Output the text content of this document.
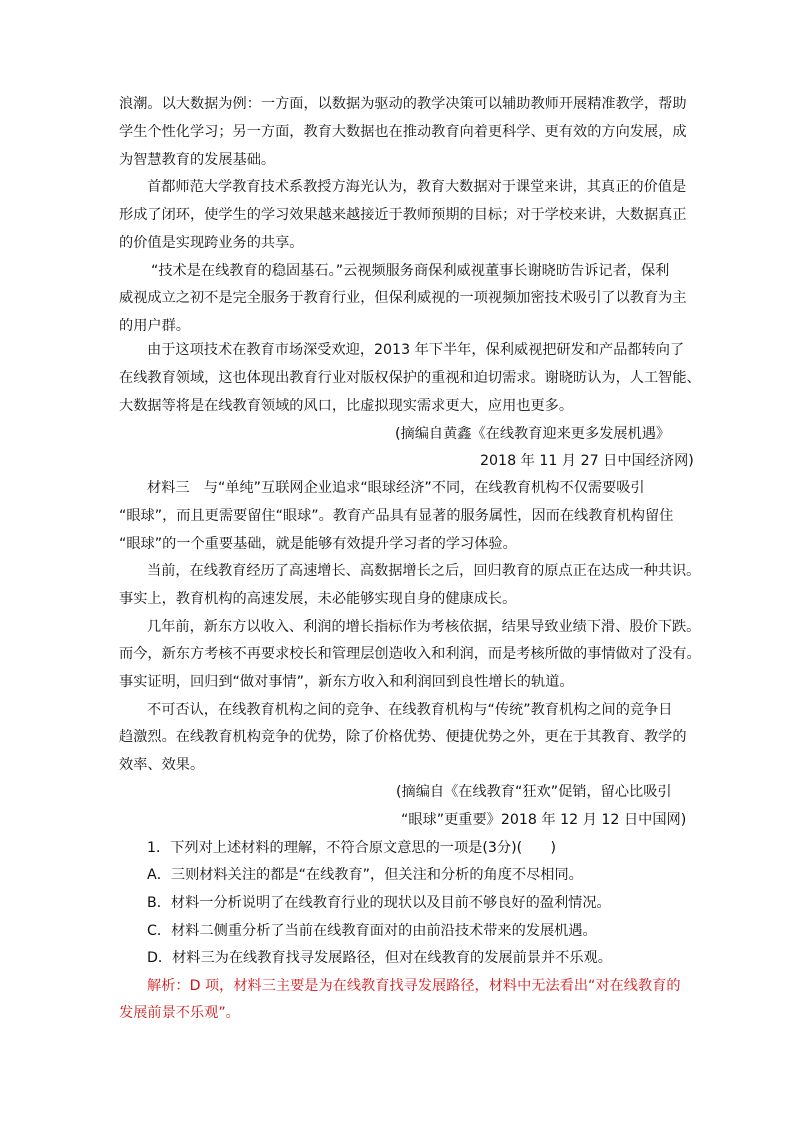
浪潮。以大数据为例：一方面，以数据为驱动的教学决策可以辅助教师开展精准教学，帮助
学生个性化学习；另一方面，教育大数据也在推动教育向着更科学、更有效的方向发展，成
为智慧教育的发展基础。
首都师范大学教育技术系教授方海光认为，教育大数据对于课堂来讲，其真正的价值是
形成了闭环，使学生的学习效果越来越接近于教师预期的目标；对于学校来讲，大数据真正
的价值是实现跨业务的共享。
“技术是在线教育的稳固基石。”云视频服务商保利威视董事长谢晓昉告诉记者，保利
威视成立之初不是完全服务于教育行业，但保利威视的一项视频加密技术吸引了以教育为主
的用户群。
由于这项技术在教育市场深受欢迎，2013 年下半年，保利威视把研发和产品都转向了
在线教育领域，这也体现出教育行业对版权保护的重视和迫切需求。谢晓昉认为，人工智能、
大数据等将是在线教育领域的风口，比虚拟现实需求更大，应用也更多。
(摘编自黄鑫《在线教育迎来更多发展机遇》
2018 年 11 月 27 日中国经济网)
材料三　与“单纯”互联网企业追求“眼球经济”不同，在线教育机构不仅需要吸引
“眼球”，而且更需要留住“眼球”。教育产品具有显著的服务属性，因而在线教育机构留住
“眼球”的一个重要基础，就是能够有效提升学习者的学习体验。
当前，在线教育经历了高速增长、高数据增长之后，回归教育的原点正在达成一种共识。
事实上，教育机构的高速发展，未必能够实现自身的健康成长。
几年前，新东方以收入、利润的增长指标作为考核依据，结果导致业绩下滑、股价下跌。
而今，新东方考核不再要求校长和管理层创造收入和利润，而是考核所做的事情做对了没有。
事实证明，回归到“做对事情”，新东方收入和利润回到良性增长的轨道。
不可否认，在线教育机构之间的竞争、在线教育机构与“传统”教育机构之间的竞争日
趋激烈。在线教育机构竞争的优势，除了价格优势、便捷优势之外，更在于其教育、教学的
效率、效果。
(摘编自《在线教育“狂欢”促销，留心比吸引
“眼球”更重要》2018 年 12 月 12 日中国网)
1．下列对上述材料的理解，不符合原文意思的一项是(3分)(　　)
A．三则材料关注的都是“在线教育”，但关注和分析的角度不尽相同。
B．材料一分析说明了在线教育行业的现状以及目前不够良好的盈利情况。
C．材料二侧重分析了当前在线教育面对的由前沿技术带来的发展机遇。
D．材料三为在线教育找寻发展路径，但对在线教育的发展前景并不乐观。
解析：D 项，材料三主要是为在线教育找寻发展路径，材料中无法看出“对在线教育的
发展前景不乐观”。
